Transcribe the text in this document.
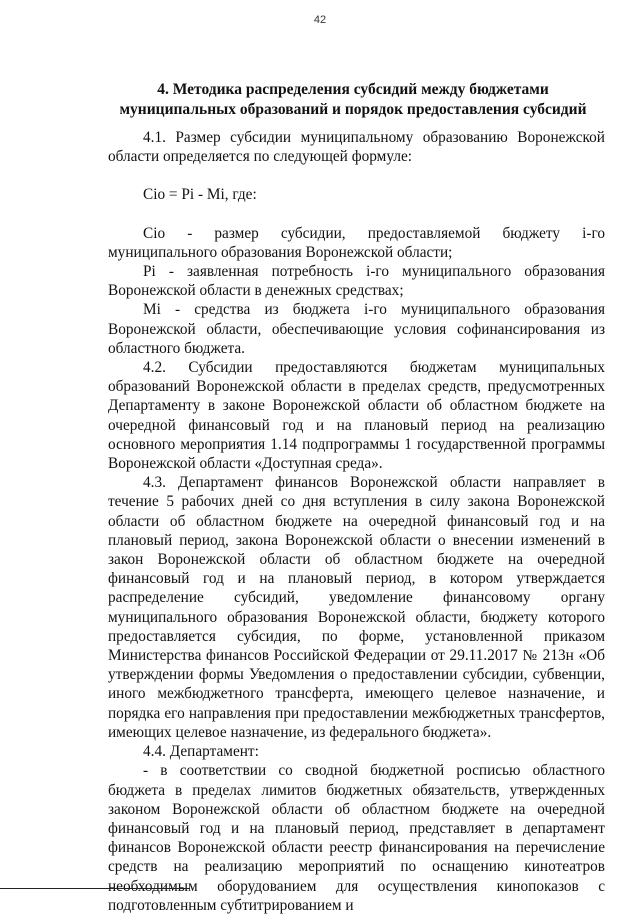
42
4. Методика распределения субсидий между бюджетами
муниципальных образований и порядок предоставления субсидий

4.1. Размер субсидии муниципальному образованию Воронежской области определяется по следующей формуле:

Cio = Pi - Mi, где:

Cio - размер субсидии, предоставляемой бюджету i-го муниципального образования Воронежской области;

Pi - заявленная потребность i-го муниципального образования Воронежской области в денежных средствах;

Mi - средства из бюджета i-го муниципального образования Воронежской области, обеспечивающие условия софинансирования из областного бюджета.

4.2. Субсидии предоставляются бюджетам муниципальных образований Воронежской области в пределах средств, предусмотренных Департаменту в законе Воронежской области об областном бюджете на очередной финансовый год и на плановый период на реализацию основного мероприятия 1.14 подпрограммы 1 государственной программы Воронежской области «Доступная среда».

4.3. Департамент финансов Воронежской области направляет в течение 5 рабочих дней со дня вступления в силу закона Воронежской области об областном бюджете на очередной финансовый год и на плановый период, закона Воронежской области о внесении изменений в закон Воронежской области об областном бюджете на очередной финансовый год и на плановый период, в котором утверждается распределение субсидий, уведомление финансовому органу муниципального образования Воронежской области, бюджету которого предоставляется субсидия, по форме, установленной приказом Министерства финансов Российской Федерации от 29.11.2017 № 213н «Об утверждении формы Уведомления о предоставлении субсидии, субвенции, иного межбюджетного трансферта, имеющего целевое назначение, и порядка его направления при предоставлении межбюджетных трансфертов, имеющих целевое назначение, из федерального бюджета».

4.4. Департамент:

- в соответствии со сводной бюджетной росписью областного бюджета в пределах лимитов бюджетных обязательств, утвержденных законом Воронежской области об областном бюджете на очередной финансовый год и на плановый период, представляет в департамент финансов Воронежской области реестр финансирования на перечисление средств на реализацию мероприятий по оснащению кинотеатров необходимым оборудованием для осуществления кинопоказов с подготовленным субтитрированием и
